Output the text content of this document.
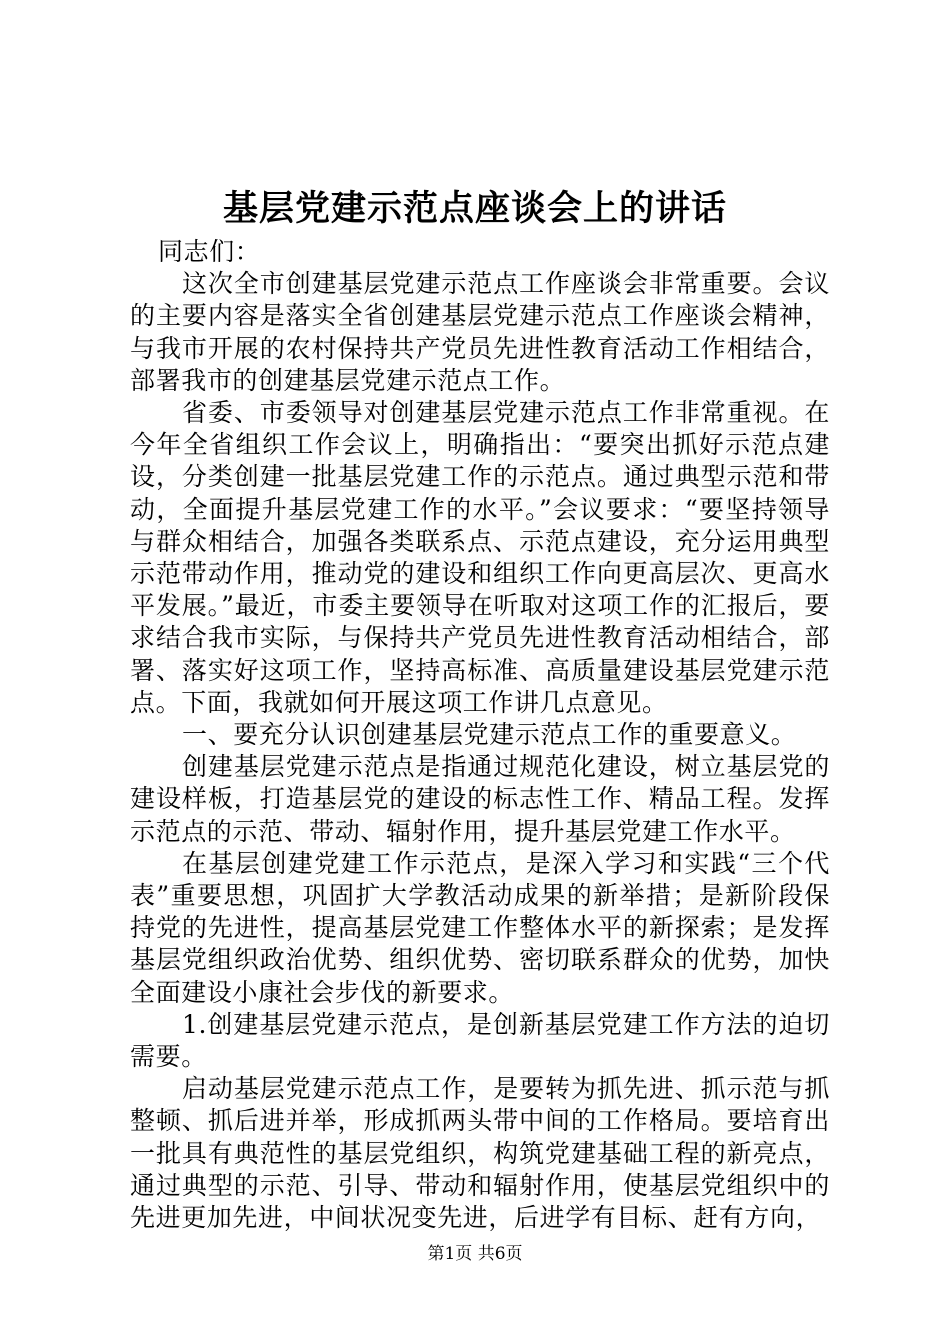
基层党建示范点座谈会上的讲话

同志们：

这次全市创建基层党建示范点工作座谈会非常重要。会议的主要内容是落实全省创建基层党建示范点工作座谈会精神，与我市开展的农村保持共产党员先进性教育活动工作相结合，部署我市的创建基层党建示范点工作。

省委、市委领导对创建基层党建示范点工作非常重视。在今年全省组织工作会议上，明确指出：“要突出抓好示范点建设，分类创建一批基层党建工作的示范点。通过典型示范和带动，全面提升基层党建工作的水平。”会议要求：“要坚持领导与群众相结合，加强各类联系点、示范点建设，充分运用典型示范带动作用，推动党的建设和组织工作向更高层次、更高水平发展。”最近，市委主要领导在听取对这项工作的汇报后，要求结合我市实际，与保持共产党员先进性教育活动相结合，部署、落实好这项工作，坚持高标准、高质量建设基层党建示范点。下面，我就如何开展这项工作讲几点意见。

一、要充分认识创建基层党建示范点工作的重要意义。

创建基层党建示范点是指通过规范化建设，树立基层党的建设样板，打造基层党的建设的标志性工作、精品工程。发挥示范点的示范、带动、辐射作用，提升基层党建工作水平。

在基层创建党建工作示范点，是深入学习和实践“三个代表”重要思想，巩固扩大学教活动成果的新举措；是新阶段保持党的先进性，提高基层党建工作整体水平的新探索；是发挥基层党组织政治优势、组织优势、密切联系群众的优势，加快全面建设小康社会步伐的新要求。

1.创建基层党建示范点，是创新基层党建工作方法的迫切需要。

启动基层党建示范点工作，是要转为抓先进、抓示范与抓整顿、抓后进并举，形成抓两头带中间的工作格局。要培育出一批具有典范性的基层党组织，构筑党建基础工程的新亮点，通过典型的示范、引导、带动和辐射作用，使基层党组织中的先进更加先进，中间状况变先进，后进学有目标、赶有方向，

第1页 共6页
